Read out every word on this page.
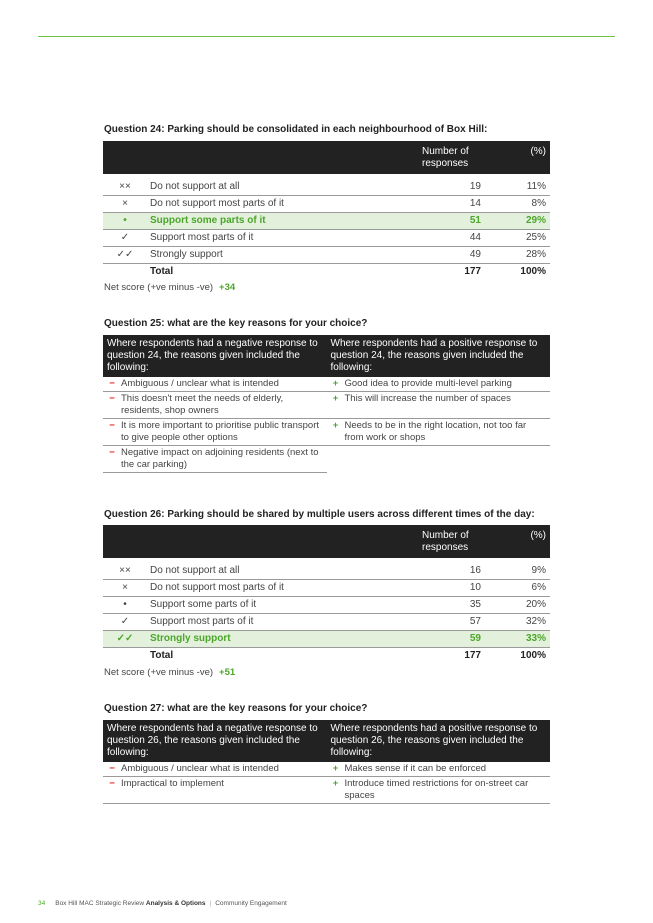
Question 24: Parking should be consolidated in each neighbourhood of Box Hill:
		Number of responses	(%)

××	Do not support at all	19	11%
×	Do not support most parts of it	14	8%
•	Support some parts of it	51	29%
✓	Support most parts of it	44	25%
✓✓	Strongly support	49	28%
	Total	177	100%
Net score (+ve minus -ve) +34
Question 25: what are the key reasons for your choice?
Where respondents had a negative response to question 24, the reasons given included the following:	Where respondents had a positive response to question 24, the reasons given included the following:
− Ambiguous / unclear what is intended	+ Good idea to provide multi-level parking
− This doesn't meet the needs of elderly, residents, shop owners	+ This will increase the number of spaces
− It is more important to prioritise public transport to give people other options	+ Needs to be in the right location, not too far from work or shops
− Negative impact on adjoining residents (next to the car parking)	
Question 26: Parking should be shared by multiple users across different times of the day:
		Number of responses	(%)

××	Do not support at all	16	9%
×	Do not support most parts of it	10	6%
•	Support some parts of it	35	20%
✓	Support most parts of it	57	32%
✓✓	Strongly support	59	33%
	Total	177	100%
Net score (+ve minus -ve) +51
Question 27: what are the key reasons for your choice?
Where respondents had a negative response to question 26, the reasons given included the following:	Where respondents had a positive response to question 26, the reasons given included the following:
− Ambiguous / unclear what is intended	+ Makes sense if it can be enforced
− Impractical to implement	+ Introduce timed restrictions for on-street car spaces
34 Box Hill MAC Strategic Review Analysis & Options | Community Engagement
